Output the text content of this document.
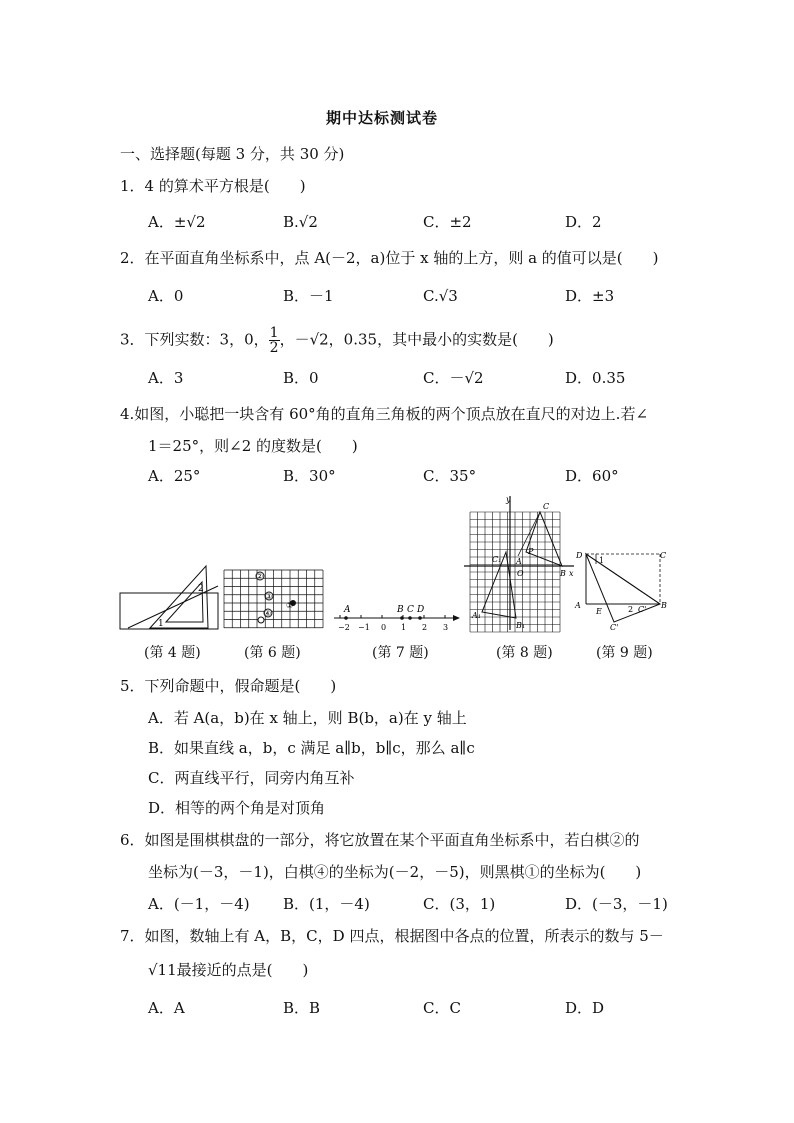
期中达标测试卷
一、选择题(每题 3 分，共 30 分)
1．4 的算术平方根是(　　)
A．±√2	B.√2	C．±2	D．2
2．在平面直角坐标系中，点 A(－2，a)位于 x 轴的上方，则 a 的值可以是(　　)
A．0	B．－1	C.√3	D．±3
3．下列实数：3，0， $\frac{1}{2}$ ，－√2，0.35，其中最小的实数是(　　)
A．3	B．0	C．－√2	D．0.35
4.如图，小聪把一块含有 60°角的直角三角板的两个顶点放在直尺的对边上.若∠
1＝25°，则∠2 的度数是(　　)
A．25°	B．30°	C．35°	D．60°
2
1
②
③
①
④	A	B C D
−2 −1 0 1 2 3
y
C
C₁
P
A
O	B x
A₁
B₁
D
1
C
A
E	2 C' B
C'
(第 4 题)	(第 6 题)	(第 7 题)	(第 8 题)	(第 9 题)
5．下列命题中，假命题是(　　)
A．若 A(a，b)在 x 轴上，则 B(b，a)在 y 轴上
B．如果直线 a，b，c 满足 a∥b，b∥c，那么 a∥c
C．两直线平行，同旁内角互补
D．相等的两个角是对顶角
6．如图是围棋棋盘的一部分，将它放置在某个平面直角坐标系中，若白棋②的
坐标为(－3，－1)，白棋④的坐标为(－2，－5)，则黑棋①的坐标为(　　)
A．(－1，－4) B．(1，－4)	C．(3，1)	D．(－3，－1)
7．如图，数轴上有 A，B，C，D 四点，根据图中各点的位置，所表示的数与 5－
√11最接近的点是(　　)
A．A	B．B	C．C	D．D
